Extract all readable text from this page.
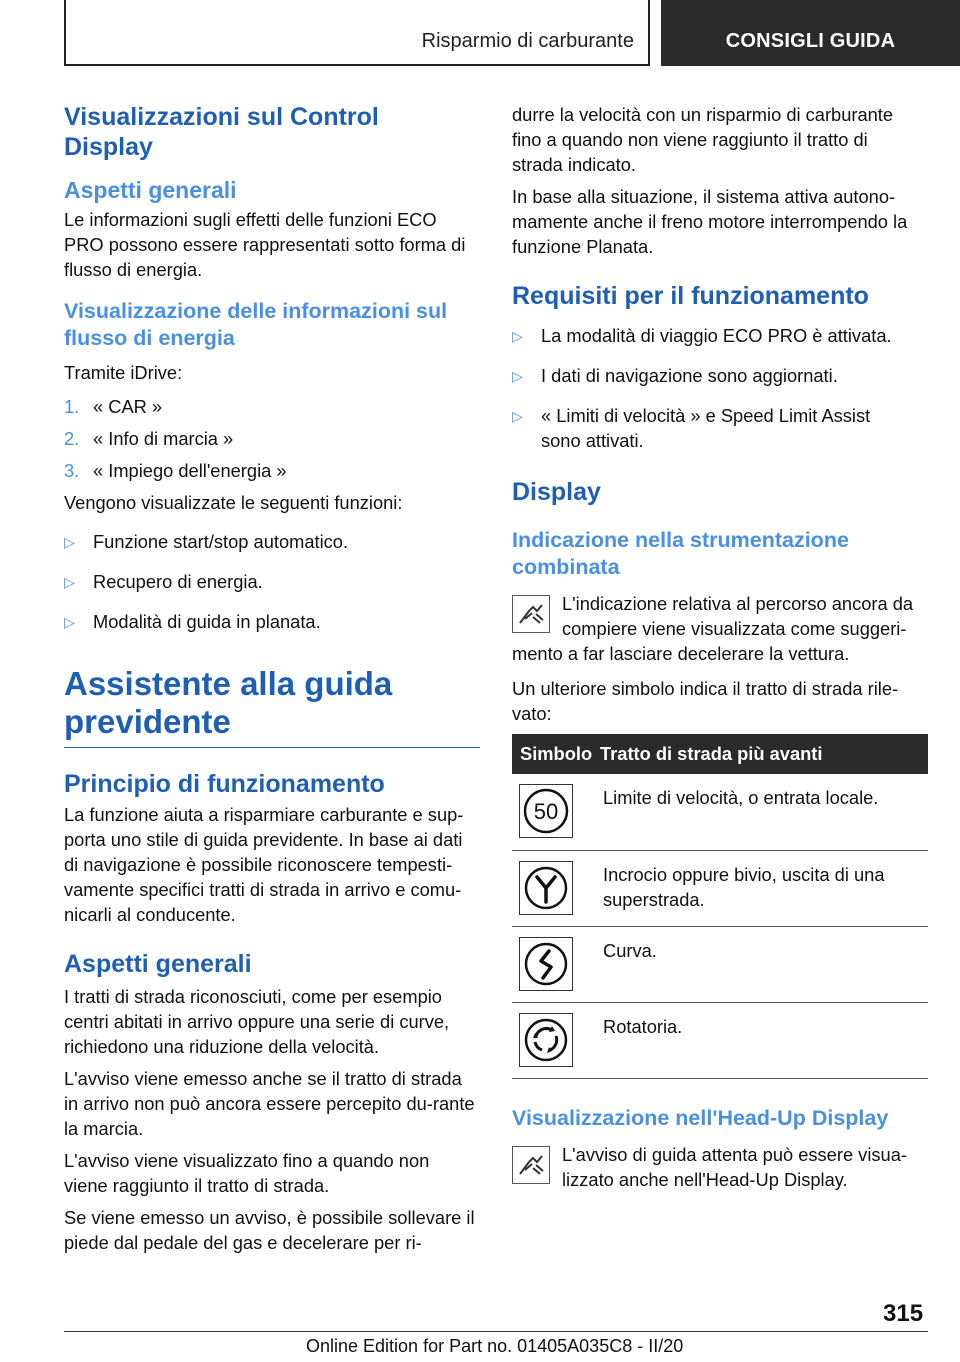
Risparmio di carburante	CONSIGLI GUIDA
Visualizzazioni sul Control Display
Aspetti generali
Le informazioni sugli effetti delle funzioni ECO PRO possono essere rappresentati sotto forma di flusso di energia.
Visualizzazione delle informazioni sul flusso di energia
Tramite iDrive:
1. « CAR »
2. « Info di marcia »
3. « Impiego dell'energia »
Vengono visualizzate le seguenti funzioni:
▷ Funzione start/stop automatico.
▷ Recupero di energia.
▷ Modalità di guida in planata.
Assistente alla guida previdente
Principio di funzionamento
La funzione aiuta a risparmiare carburante e sup-porta uno stile di guida previdente. In base ai dati di navigazione è possibile riconoscere tempesti-vamente specifici tratti di strada in arrivo e comu-nicarli al conducente.
Aspetti generali
I tratti di strada riconosciuti, come per esempio centri abitati in arrivo oppure una serie di curve, richiedono una riduzione della velocità.
L'avviso viene emesso anche se il tratto di strada in arrivo non può ancora essere percepito du-rante la marcia.
L'avviso viene visualizzato fino a quando non viene raggiunto il tratto di strada.
Se viene emesso un avviso, è possibile sollevare il piede dal pedale del gas e decelerare per ri-
durre la velocità con un risparmio di carburante fino a quando non viene raggiunto il tratto di strada indicato.
In base alla situazione, il sistema attiva autono-mamente anche il freno motore interrompendo la funzione Planata.
Requisiti per il funzionamento
▷ La modalità di viaggio ECO PRO è attivata.
▷ I dati di navigazione sono aggiornati.
▷ « Limiti di velocità » e Speed Limit Assist sono attivati.
Display
Indicazione nella strumentazione combinata
L'indicazione relativa al percorso ancora da compiere viene visualizzata come suggeri-mento a far lasciare decelerare la vettura.
Un ulteriore simbolo indica il tratto di strada rile-vato:
Simbolo	Tratto di strada più avanti

50	Limite di velocità, o entrata locale.

	Incrocio oppure bivio, uscita di una superstrada.

	Curva.

	Rotatoria.
Visualizzazione nell'Head-Up Display
L'avviso di guida attenta può essere visua-lizzato anche nell'Head-Up Display.
315
Online Edition for Part no. 01405A035C8 - II/20
